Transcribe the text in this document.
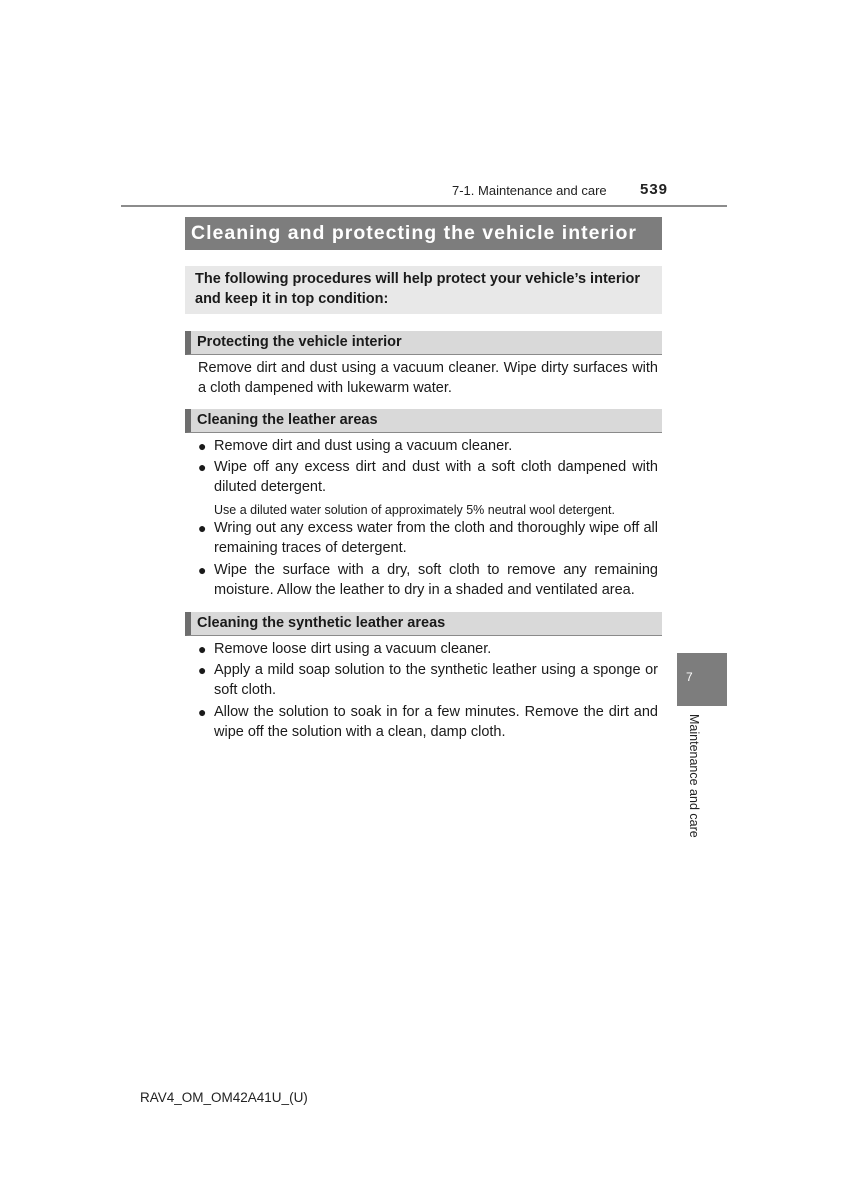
7-1. Maintenance and care 539
Cleaning and protecting the vehicle interior
The following procedures will help protect your vehicle’s interior and keep it in top condition:
Protecting the vehicle interior
Remove dirt and dust using a vacuum cleaner. Wipe dirty surfaces with a cloth dampened with lukewarm water.
Cleaning the leather areas
● Remove dirt and dust using a vacuum cleaner.
● Wipe off any excess dirt and dust with a soft cloth dampened with diluted detergent.
Use a diluted water solution of approximately 5% neutral wool detergent.
● Wring out any excess water from the cloth and thoroughly wipe off all remaining traces of detergent.
● Wipe the surface with a dry, soft cloth to remove any remaining moisture. Allow the leather to dry in a shaded and ventilated area.
Cleaning the synthetic leather areas
● Remove loose dirt using a vacuum cleaner.
● Apply a mild soap solution to the synthetic leather using a sponge or soft cloth.
● Allow the solution to soak in for a few minutes. Remove the dirt and wipe off the solution with a clean, damp cloth.
7
Maintenance and care
RAV4_OM_OM42A41U_(U)
